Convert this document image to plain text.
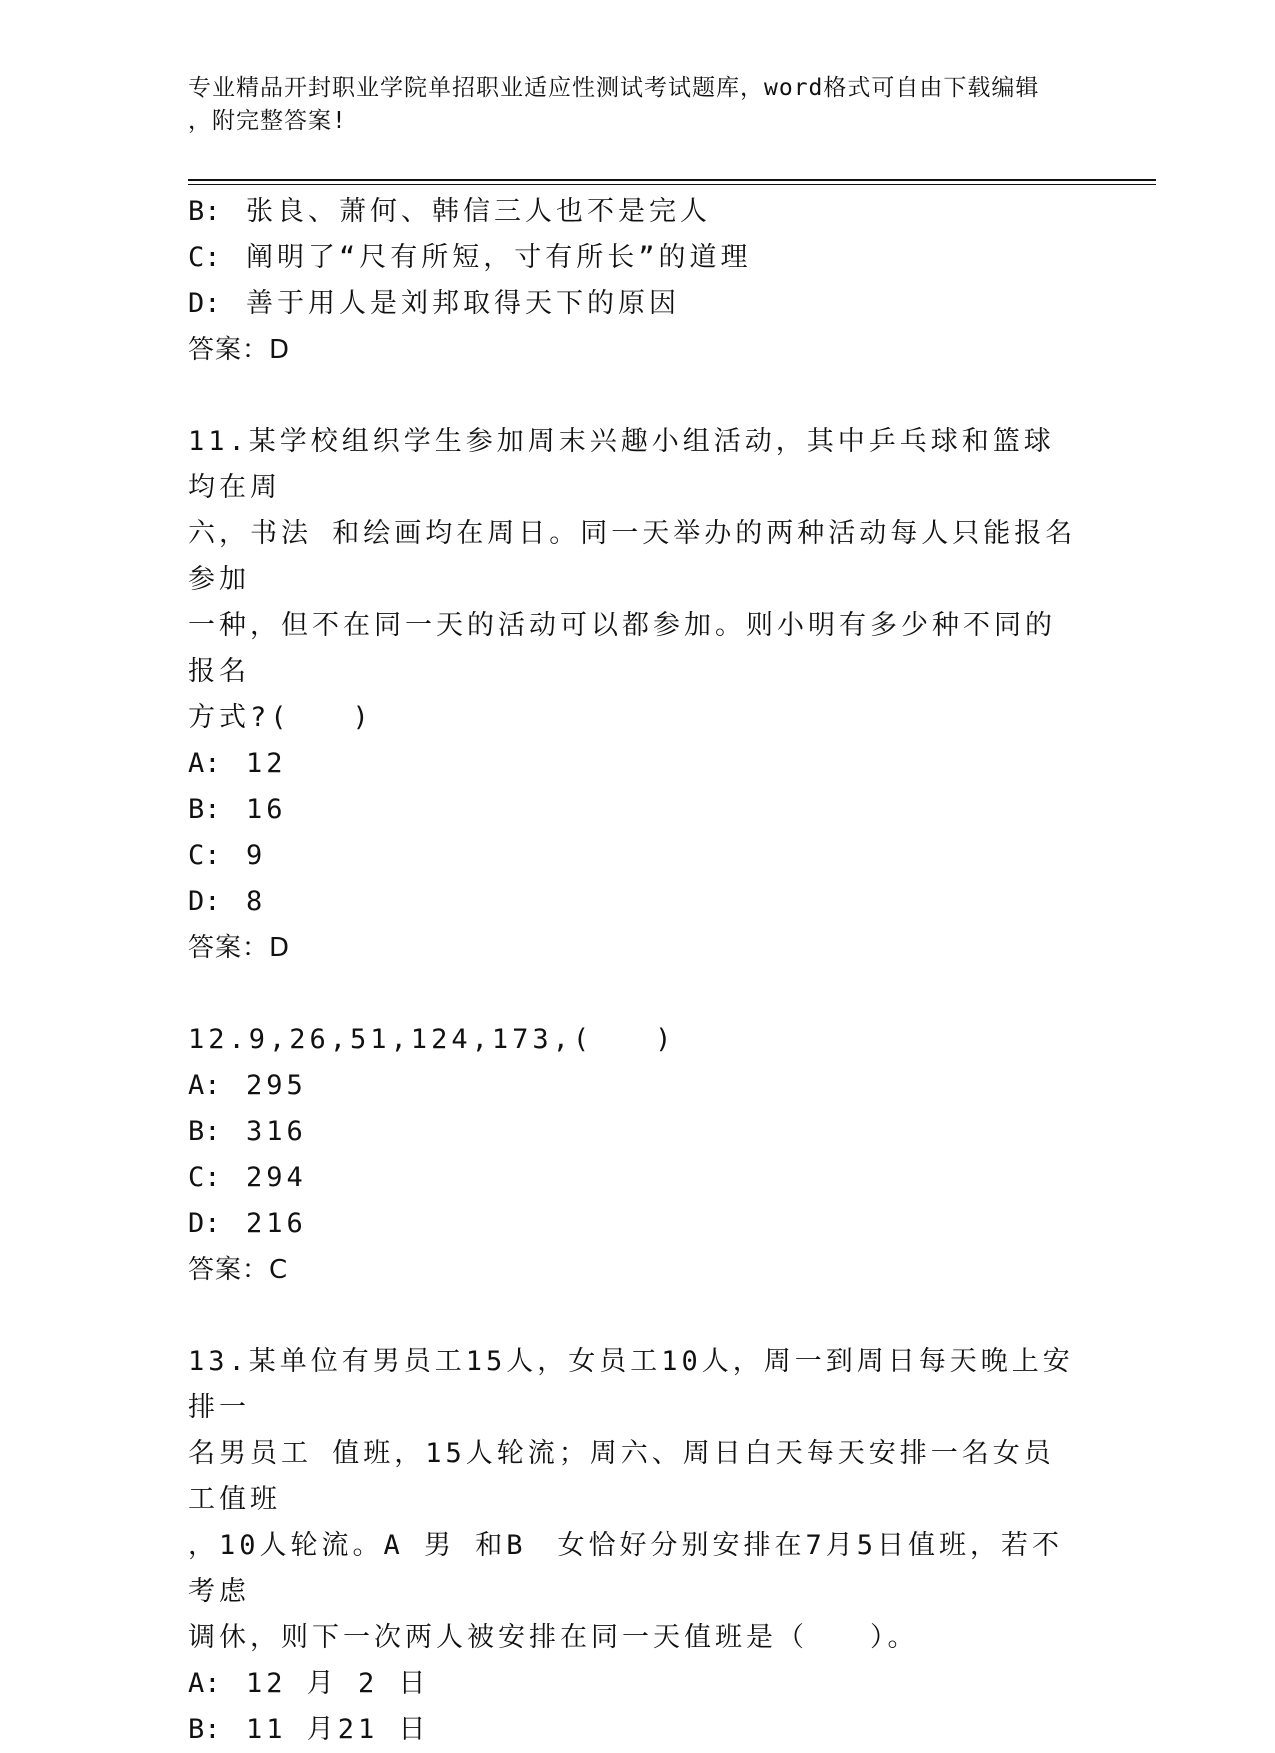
专业精品开封职业学院单招职业适应性测试考试题库，word格式可自由下载编辑
，附完整答案!
B: 张良、萧何、韩信三人也不是完人
C: 阐明了“尺有所短，寸有所长”的道理
D: 善于用人是刘邦取得天下的原因
答案：D
11.某学校组织学生参加周末兴趣小组活动，其中乒乓球和篮球均在周
六，书法 和绘画均在周日。同一天举办的两种活动每人只能报名参加
一种，但不在同一天的活动可以都参加。则小明有多少种不同的报名
方式?(　　)
A: 12
B: 16
C: 9
D: 8
答案：D
12.9,26,51,124,173,(　　)
A: 295
B: 316
C: 294
D: 216
答案：C
13.某单位有男员工15人，女员工10人，周一到周日每天晚上安排一
名男员工 值班，15人轮流；周六、周日白天每天安排一名女员工值班
，10人轮流。A 男 和B　女恰好分别安排在7月5日值班，若不考虑
调休，则下一次两人被安排在同一天值班是（　　）。
A: 12 月 2 日
B: 11 月21 日
